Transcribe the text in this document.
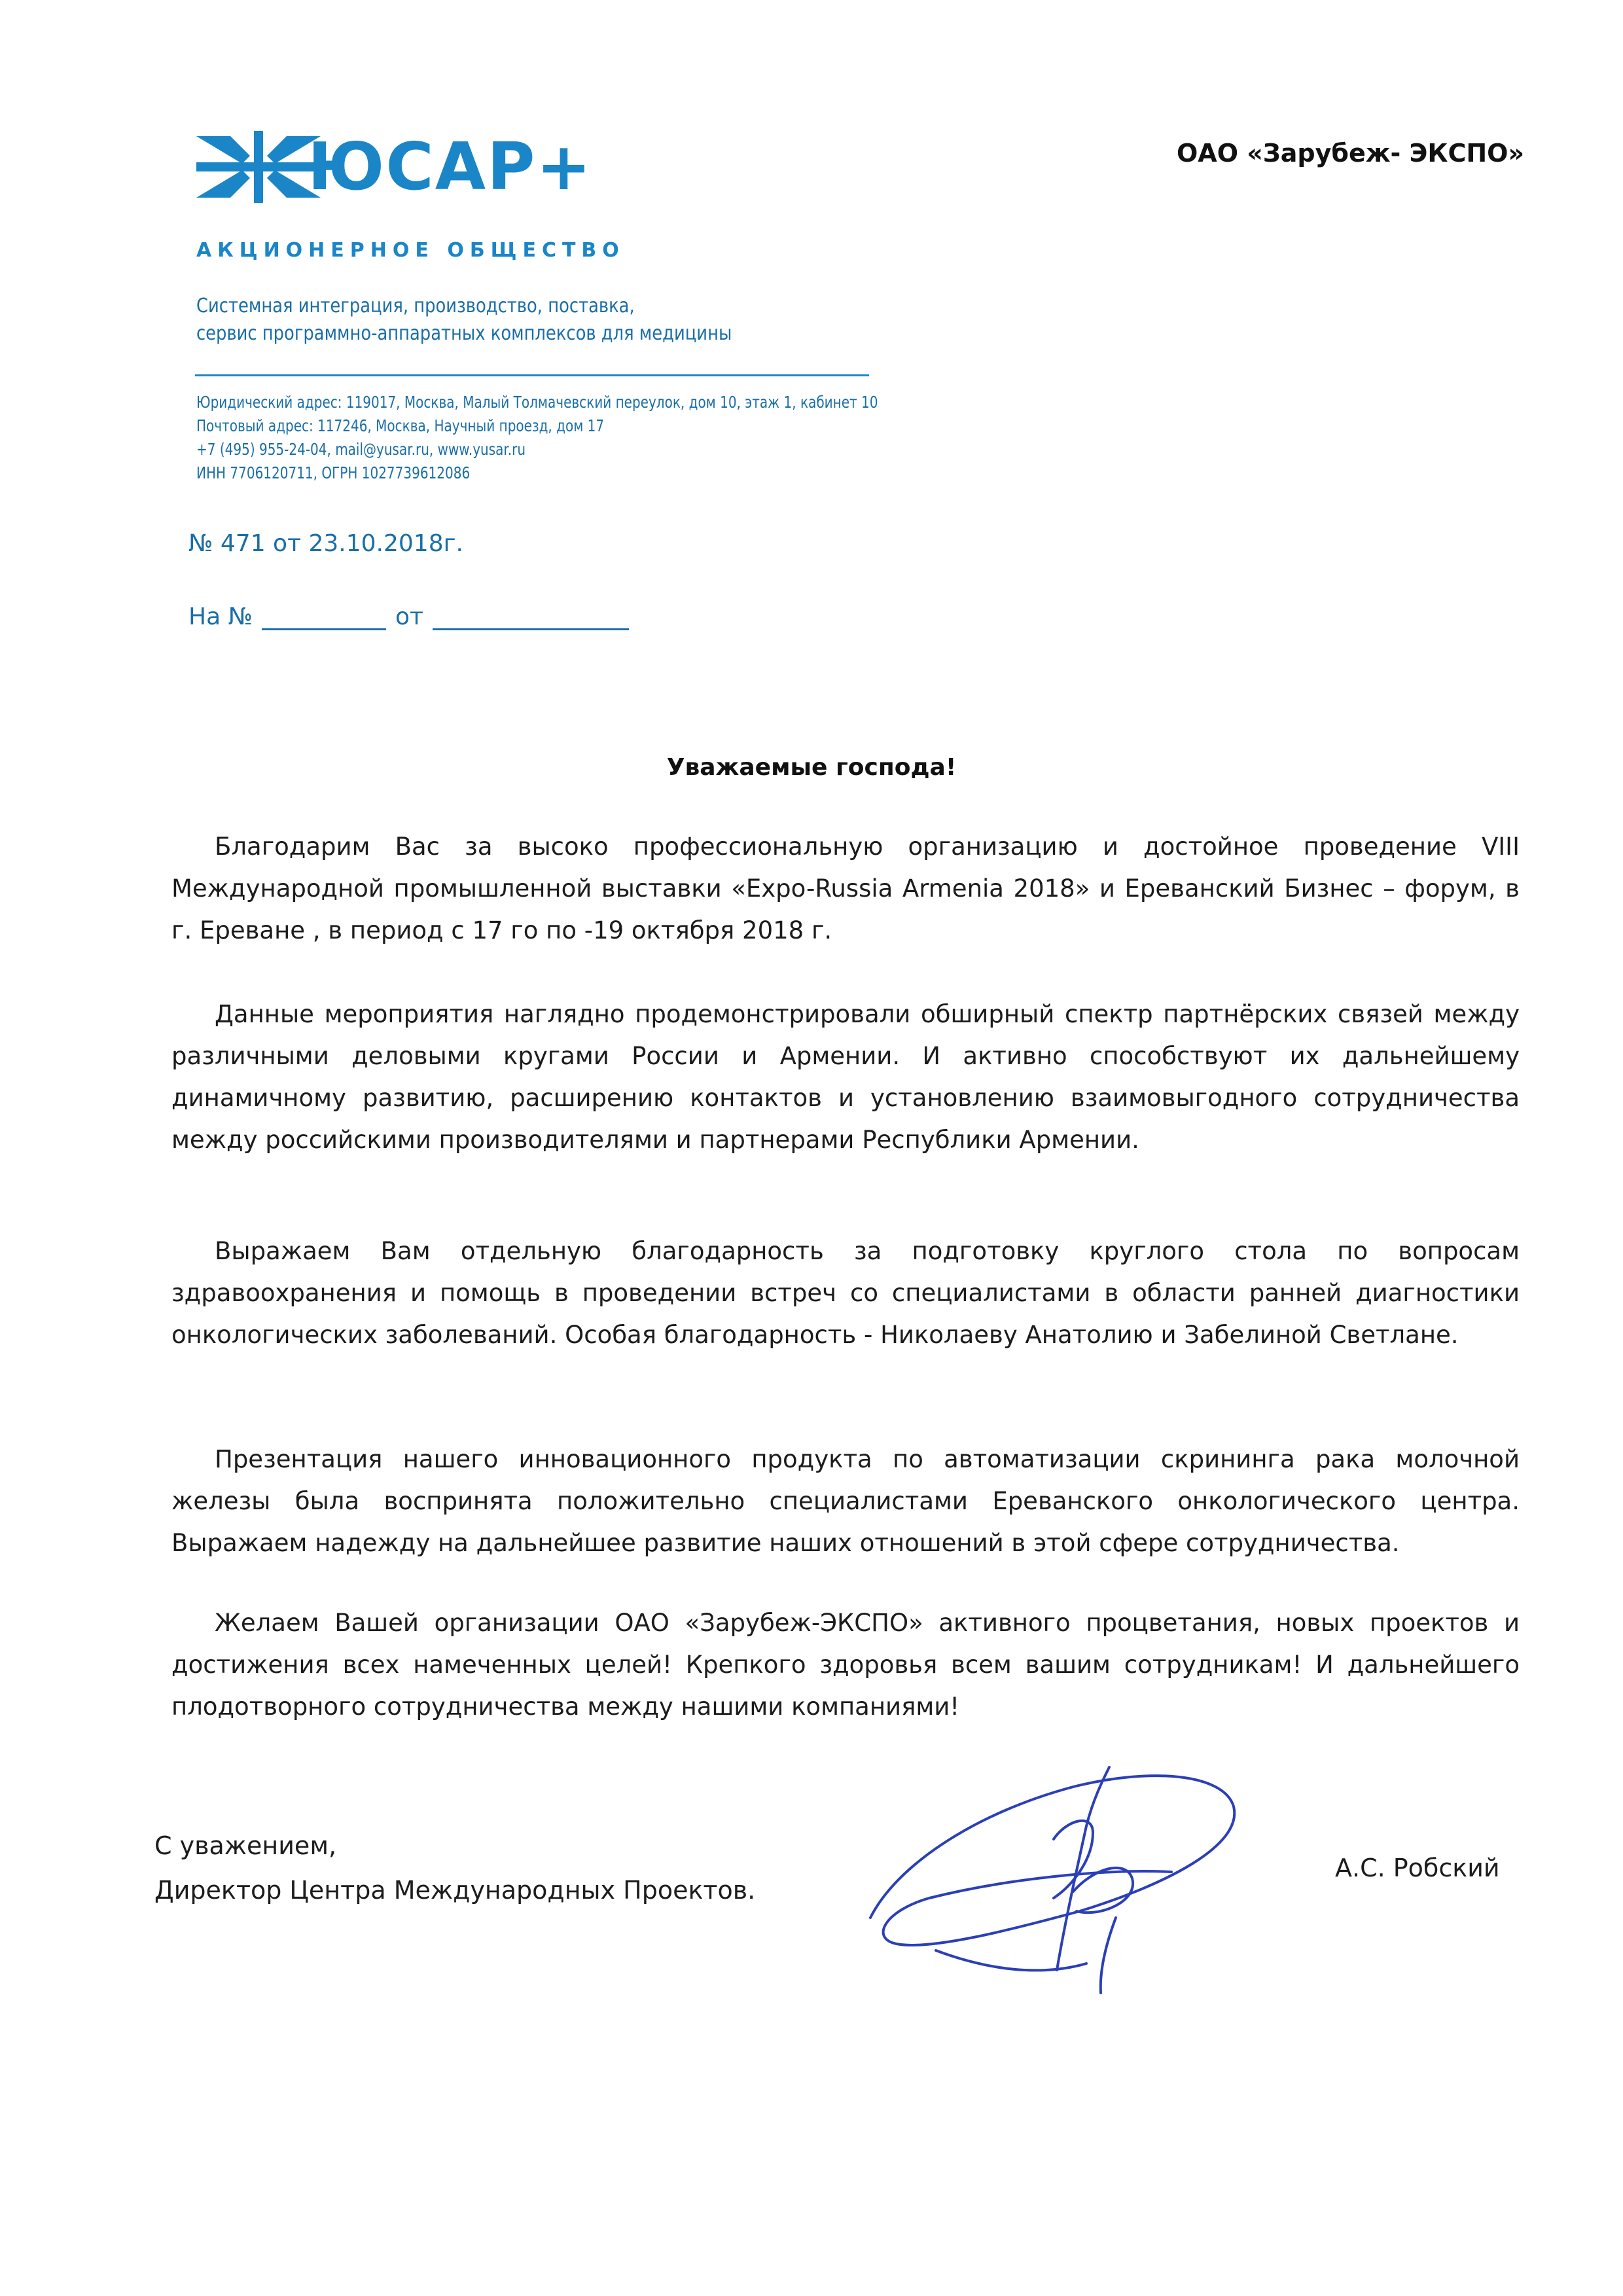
ЮСАР+
АКЦИОНЕРНОЕ ОБЩЕСТВО
Системная интеграция, производство, поставка,
сервис программно-аппаратных комплексов для медицины
Юридический адрес: 119017, Москва, Малый Толмачевский переулок, дом 10, этаж 1, кабинет 10
Почтовый адрес: 117246, Москва, Научный проезд, дом 17
+7 (495) 955-24-04, mail@yusar.ru, www.yusar.ru
ИНН 7706120711, ОГРН 1027739612086
ОАО «Зарубеж- ЭКСПО»
№ 471 от 23.10.2018г.
На №	от
Уважаемые господа!
Благодарим Вас за высоко профессиональную организацию и достойное проведение VIII Международной промышленной выставки «Expo-Russia Armenia 2018» и Ереванский Бизнес – форум, в г. Ереване , в период с 17 го по -19 октября 2018 г.
Данные мероприятия наглядно продемонстрировали обширный спектр партнёрских связей между различными деловыми кругами России и Армении. И активно способствуют их дальнейшему динамичному развитию, расширению контактов и установлению взаимовыгодного сотрудничества между российскими производителями и партнерами Республики Армении.
Выражаем Вам отдельную благодарность за подготовку круглого стола по вопросам здравоохранения и помощь в проведении встреч со специалистами в области ранней диагностики онкологических заболеваний. Особая благодарность - Николаеву Анатолию и Забелиной Светлане.
Презентация нашего инновационного продукта по автоматизации скрининга рака молочной железы была воспринята положительно специалистами Ереванского онкологического центра. Выражаем надежду на дальнейшее развитие наших отношений в этой сфере сотрудничества.
Желаем Вашей организации ОАО «Зарубеж-ЭКСПО» активного процветания, новых проектов и достижения всех намеченных целей! Крепкого здоровья всем вашим сотрудникам! И дальнейшего плодотворного сотрудничества между нашими компаниями!
С уважением,
Директор Центра Международных Проектов.
А.С. Робский
